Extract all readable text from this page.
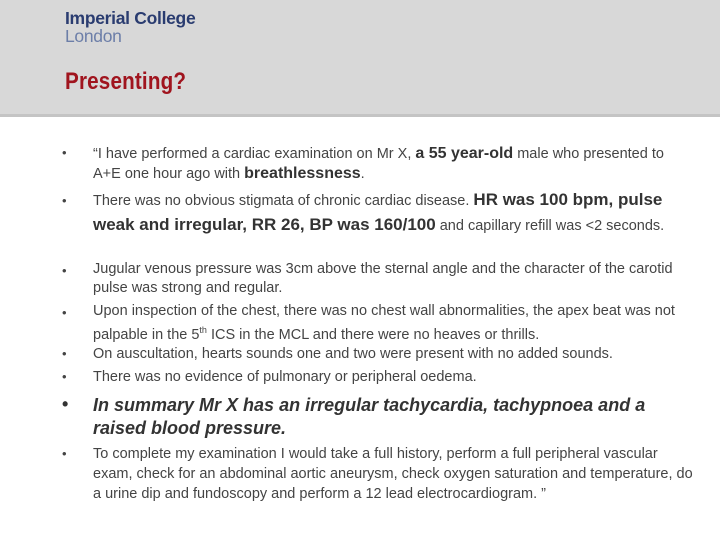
Imperial College
London
Presenting?
• “I have performed a cardiac examination on Mr X, a 55 year-old male who presented to A+E one hour ago with breathlessness.
• There was no obvious stigmata of chronic cardiac disease. HR was 100 bpm, pulse weak and irregular, RR 26, BP was 160/100 and capillary refill was <2 seconds.
• Jugular venous pressure was 3cm above the sternal angle and the character of the carotid pulse was strong and regular.
• Upon inspection of the chest, there was no chest wall abnormalities, the apex beat was not palpable in the 5th ICS in the MCL and there were no heaves or thrills.
• On auscultation, hearts sounds one and two were present with no added sounds.
• There was no evidence of pulmonary or peripheral oedema.
• In summary Mr X has an irregular tachycardia, tachypnoea and a raised blood pressure.
• To complete my examination I would take a full history, perform a full peripheral vascular exam, check for an abdominal aortic aneurysm, check oxygen saturation and temperature, do a urine dip and fundoscopy and perform a 12 lead electrocardiogram. ”
